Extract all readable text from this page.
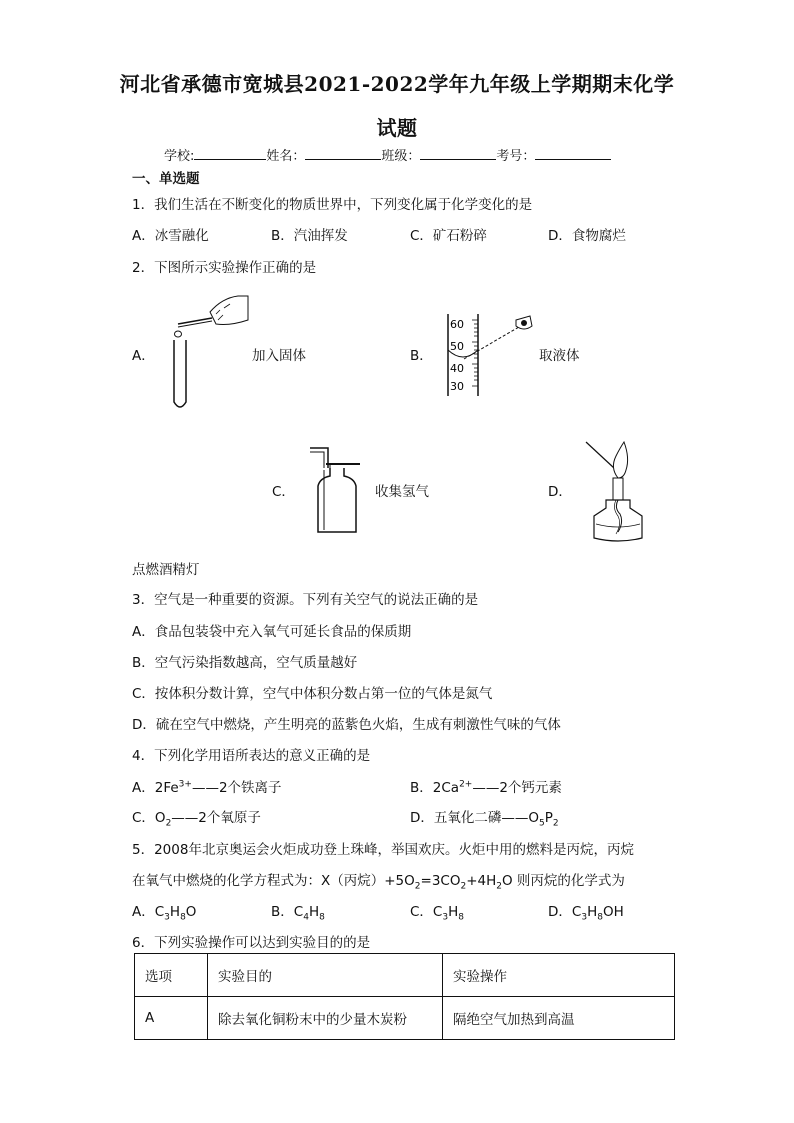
河北省承德市宽城县2021-2022学年九年级上学期期末化学
试题
学校:	姓名：	班级：	考号：
一、单选题
1．我们生活在不断变化的物质世界中，下列变化属于化学变化的是
A．冰雪融化	B．汽油挥发	C．矿石粉碎	D．食物腐烂
2．下图所示实验操作正确的是
A．	加入固体	B．
60
50
40
30
取液体
C．	收集氢气	D．
点燃酒精灯
3．空气是一种重要的资源。下列有关空气的说法正确的是
A．食品包装袋中充入氧气可延长食品的保质期
B．空气污染指数越高，空气质量越好
C．按体积分数计算，空气中体积分数占第一位的气体是氮气
D．硫在空气中燃烧，产生明亮的蓝紫色火焰，生成有刺激性气味的气体
4．下列化学用语所表达的意义正确的是
A．$2Fe^{3+}——2$个铁离子	B．$2Ca^{2+}——2$个钙元素
C．$O_2——2$个氧原子	D．五氧化二磷$——O_5P_2$
5．2008年北京奥运会火炬成功登上珠峰，举国欢庆。火炬中用的燃料是丙烷，丙烷
在氧气中燃烧的化学方程式为：X（丙烷）$+5O_2=3CO_2+4H_2O$ 则丙烷的化学式为
A．$C_3H_8O$	B．$C_4H_8$	C．$C_3H_8$	D．$C_3H_8OH$
6．下列实验操作可以达到实验目的的是
选项	实验目的	实验操作
A	除去氧化铜粉末中的少量木炭粉	隔绝空气加热到高温
